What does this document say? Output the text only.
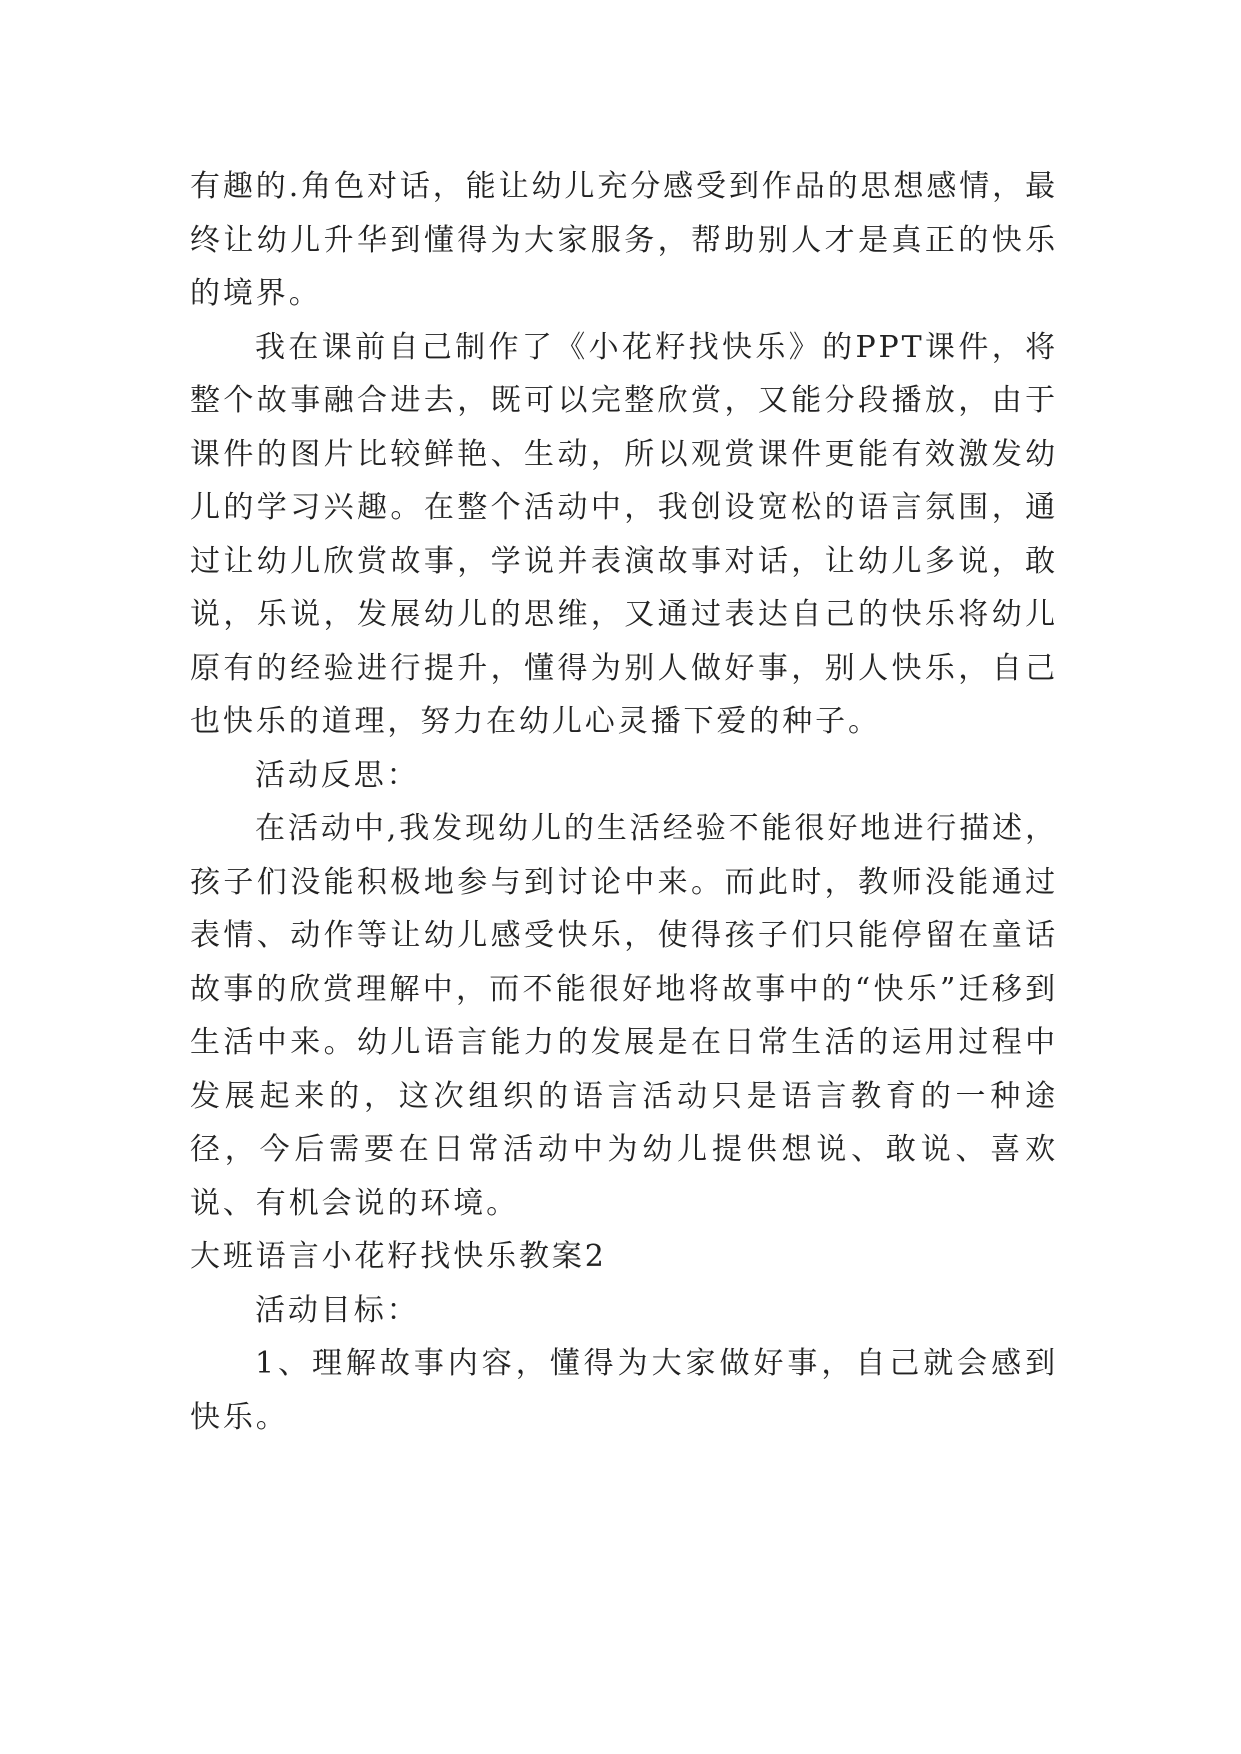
有趣的.角色对话，能让幼儿充分感受到作品的思想感情，最终让幼儿升华到懂得为大家服务，帮助别人才是真正的快乐的境界。

我在课前自己制作了《小花籽找快乐》的PPT课件，将整个故事融合进去，既可以完整欣赏，又能分段播放，由于课件的图片比较鲜艳、生动，所以观赏课件更能有效激发幼儿的学习兴趣。在整个活动中，我创设宽松的语言氛围，通过让幼儿欣赏故事，学说并表演故事对话，让幼儿多说，敢说，乐说，发展幼儿的思维，又通过表达自己的快乐将幼儿原有的经验进行提升，懂得为别人做好事，别人快乐，自己也快乐的道理，努力在幼儿心灵播下爱的种子。

活动反思：

在活动中,我发现幼儿的生活经验不能很好地进行描述，孩子们没能积极地参与到讨论中来。而此时，教师没能通过表情、动作等让幼儿感受快乐，使得孩子们只能停留在童话故事的欣赏理解中，而不能很好地将故事中的“快乐”迁移到生活中来。幼儿语言能力的发展是在日常生活的运用过程中发展起来的，这次组织的语言活动只是语言教育的一种途径，今后需要在日常活动中为幼儿提供想说、敢说、喜欢说、有机会说的环境。

大班语言小花籽找快乐教案2

活动目标：

1、理解故事内容，懂得为大家做好事，自己就会感到快乐。
